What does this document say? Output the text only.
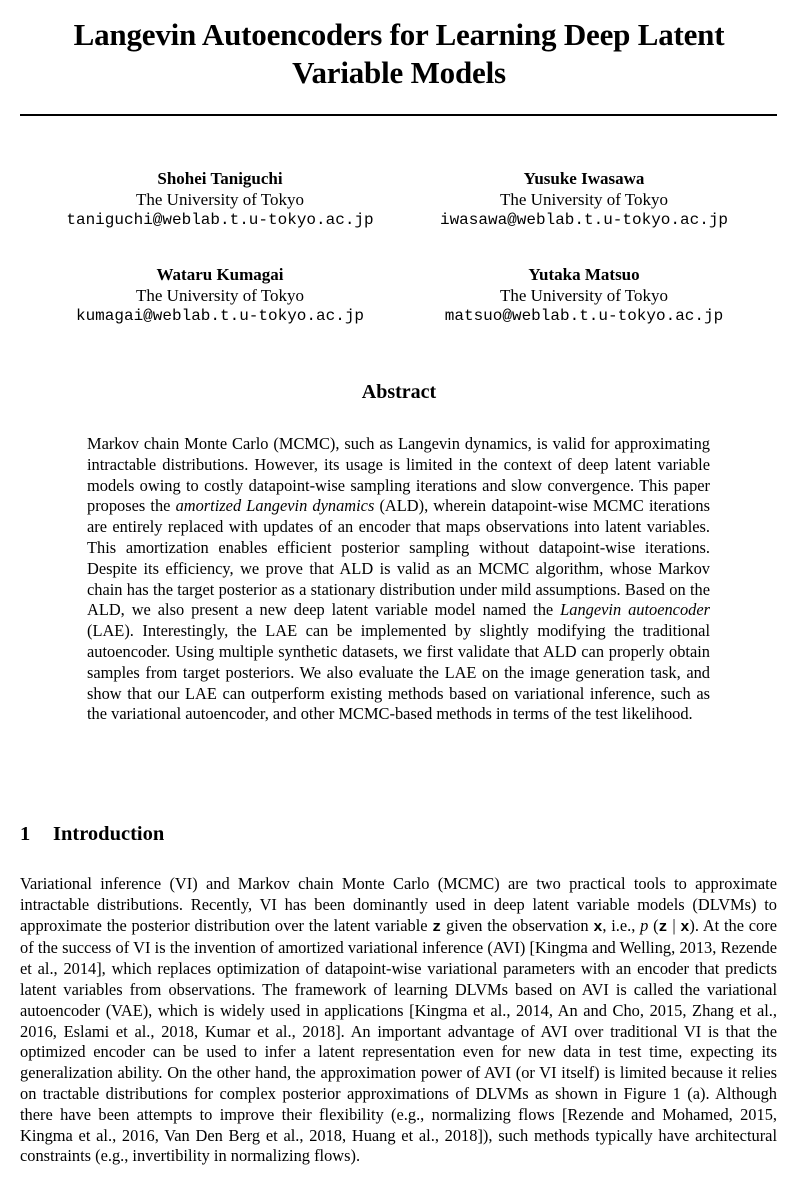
Langevin Autoencoders for Learning Deep Latent
Variable Models
Shohei Taniguchi
The University of Tokyo
taniguchi@weblab.t.u-tokyo.ac.jp
Yusuke Iwasawa
The University of Tokyo
iwasawa@weblab.t.u-tokyo.ac.jp
Wataru Kumagai
The University of Tokyo
kumagai@weblab.t.u-tokyo.ac.jp
Yutaka Matsuo
The University of Tokyo
matsuo@weblab.t.u-tokyo.ac.jp
Abstract
Markov chain Monte Carlo (MCMC), such as Langevin dynamics, is valid for approximating intractable distributions. However, its usage is limited in the context of deep latent variable models owing to costly datapoint-wise sampling iterations and slow convergence. This paper proposes the amortized Langevin dynamics (ALD), wherein datapoint-wise MCMC iterations are entirely replaced with updates of an encoder that maps observations into latent variables. This amortization enables efficient posterior sampling without datapoint-wise iterations. Despite its efficiency, we prove that ALD is valid as an MCMC algorithm, whose Markov chain has the target posterior as a stationary distribution under mild assumptions. Based on the ALD, we also present a new deep latent variable model named the Langevin autoencoder (LAE). Interestingly, the LAE can be implemented by slightly modifying the traditional autoencoder. Using multiple synthetic datasets, we first validate that ALD can properly obtain samples from target posteriors. We also evaluate the LAE on the image generation task, and show that our LAE can outperform existing methods based on variational inference, such as the variational autoencoder, and other MCMC-based methods in terms of the test likelihood.
1 Introduction
Variational inference (VI) and Markov chain Monte Carlo (MCMC) are two practical tools to approximate intractable distributions. Recently, VI has been dominantly used in deep latent variable models (DLVMs) to approximate the posterior distribution over the latent variable z given the observation x, i.e., p (z | x). At the core of the success of VI is the invention of amortized variational inference (AVI) [Kingma and Welling, 2013, Rezende et al., 2014], which replaces optimization of datapoint-wise variational parameters with an encoder that predicts latent variables from observations. The framework of learning DLVMs based on AVI is called the variational autoencoder (VAE), which is widely used in applications [Kingma et al., 2014, An and Cho, 2015, Zhang et al., 2016, Eslami et al., 2018, Kumar et al., 2018]. An important advantage of AVI over traditional VI is that the optimized encoder can be used to infer a latent representation even for new data in test time, expecting its generalization ability. On the other hand, the approximation power of AVI (or VI itself) is limited because it relies on tractable distributions for complex posterior approximations of DLVMs as shown in Figure 1 (a). Although there have been attempts to improve their flexibility (e.g., normalizing flows [Rezende and Mohamed, 2015, Kingma et al., 2016, Van Den Berg et al., 2018, Huang et al., 2018]), such methods typically have architectural constraints (e.g., invertibility in normalizing flows).
